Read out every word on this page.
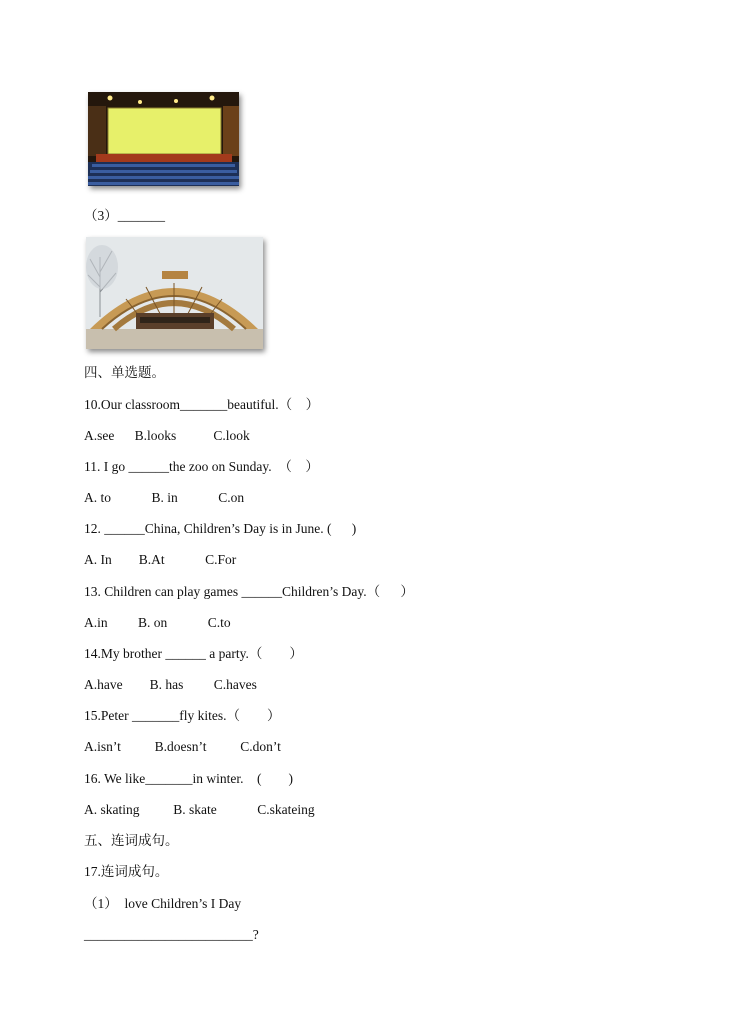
（3）_______
四、单选题。
10.Our classroom_______beautiful.（    ）
A.see      B.looks           C.look
11. I go ______the zoo on Sunday.  （    ）
A. to            B. in            C.on
12. ______China, Children’s Day is in June. (      )
A. In        B.At            C.For
13. Children can play games ______Children’s Day.（      ）
A.in         B. on            C.to
14.My brother ______ a party.（        ）
A.have        B. has         C.haves
15.Peter _______fly kites.（        ）
A.isn’t          B.doesn’t          C.don’t
16. We like_______in winter.    (        )
A. skating          B. skate            C.skateing
五、连词成句。
17.连词成句。
（1）  love Children’s I Day
_________________________?
